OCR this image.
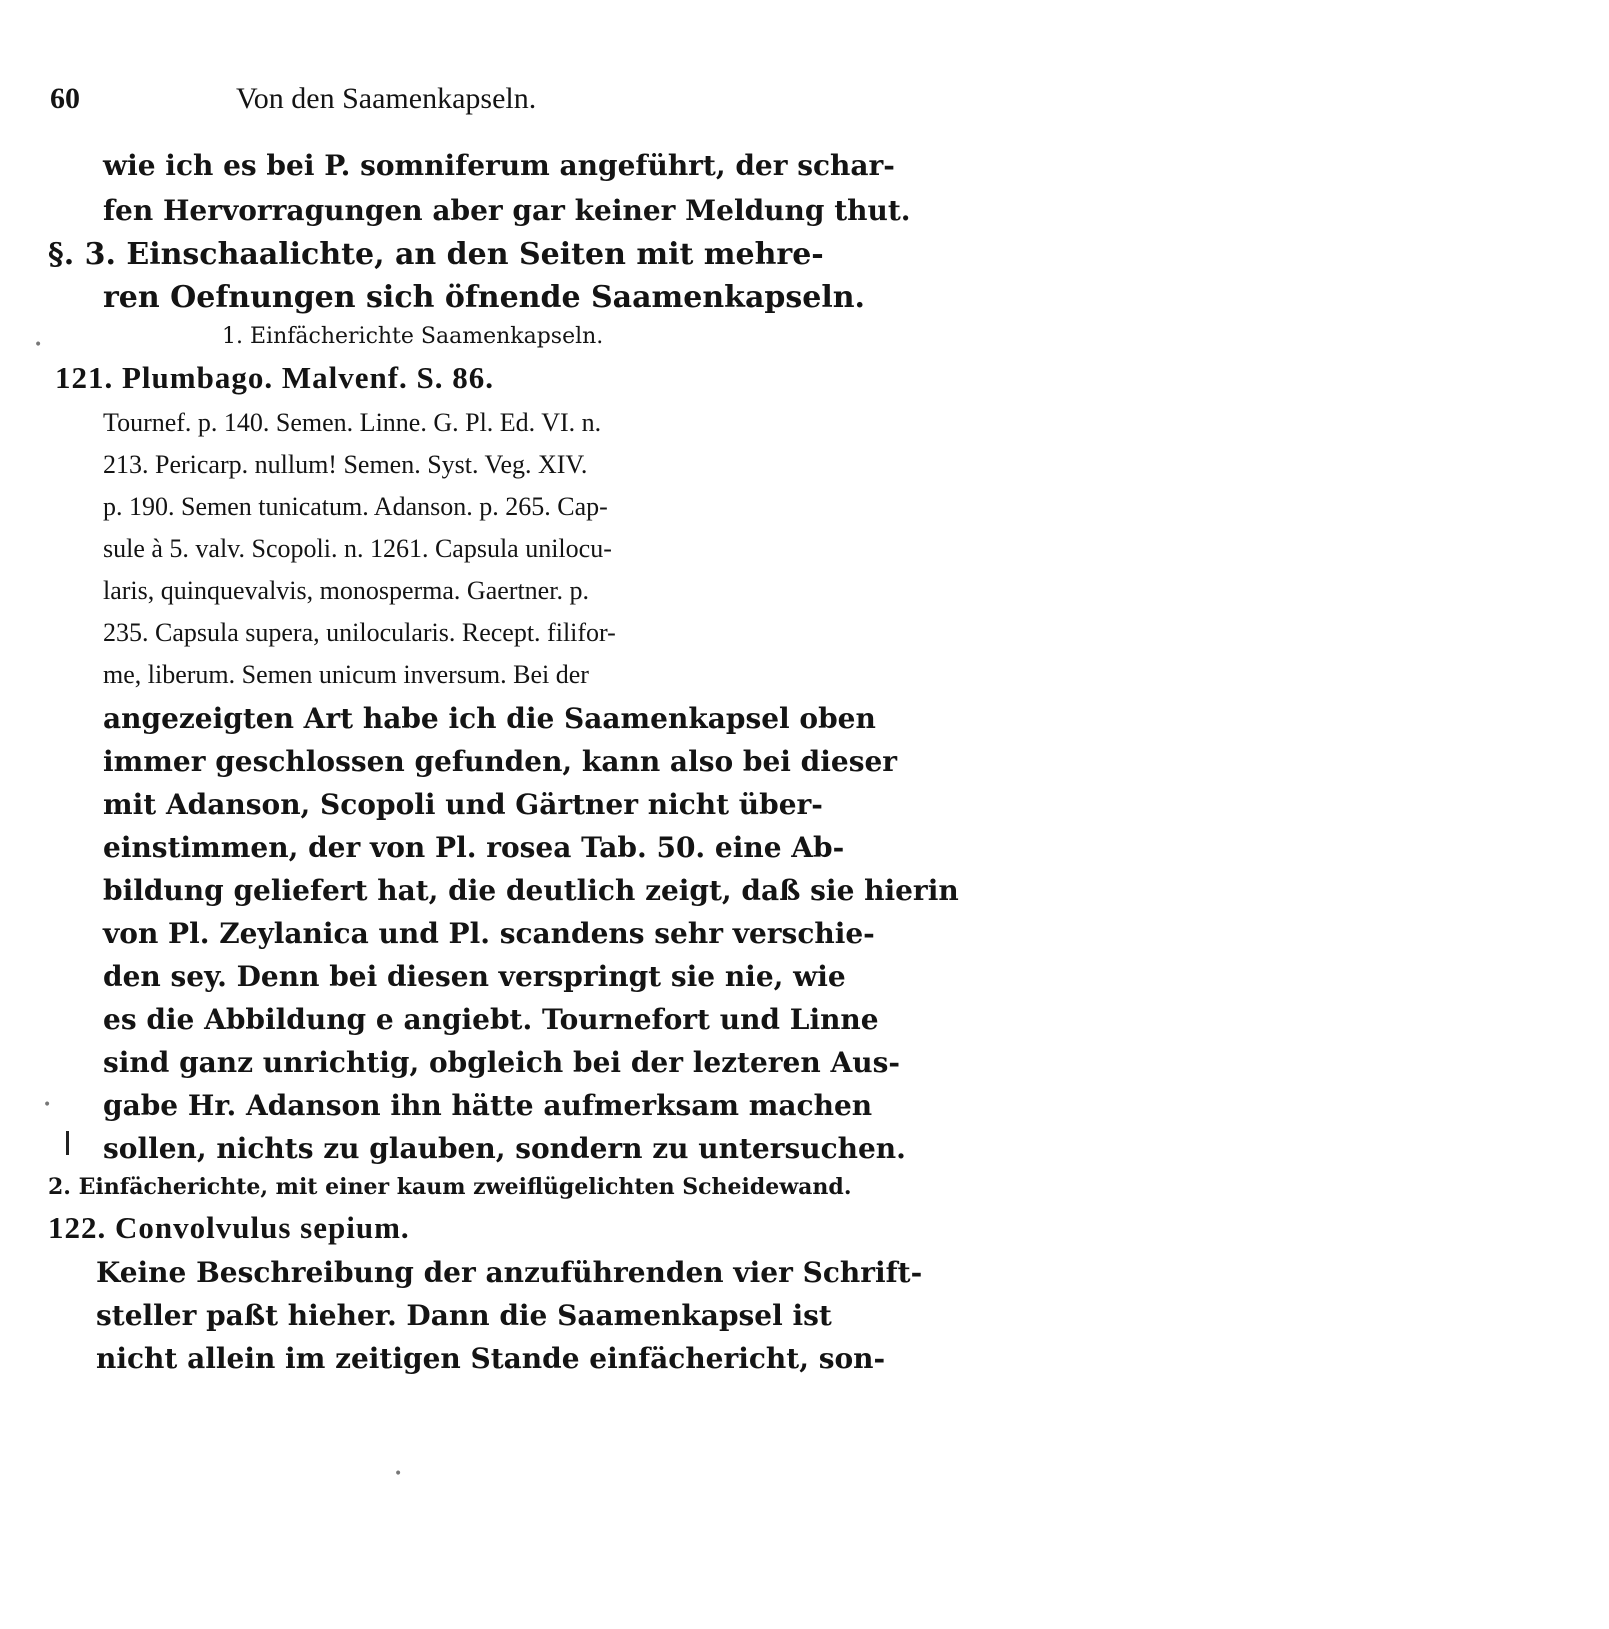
60	Von den Saamenkapseln.
wie ich es bei P. somniferum angeführt, der schar-
fen Hervorragungen aber gar keiner Meldung thut.
§. 3. Einschaalichte, an den Seiten mit mehre-
ren Oefnungen sich öfnende Saamenkapseln.
1. Einfächerichte Saamenkapseln.
121. Plumbago. Malvenf. S. 86.
Tournef. p. 140. Semen. Linne. G. Pl. Ed. VI. n.
213. Pericarp. nullum! Semen. Syst. Veg. XIV.
p. 190. Semen tunicatum. Adanson. p. 265. Cap-
sule à 5. valv. Scopoli. n. 1261. Capsula unilocu-
laris, quinquevalvis, monosperma. Gaertner. p.
235. Capsula supera, unilocularis. Recept. filifor-
me, liberum. Semen unicum inversum. Bei der
angezeigten Art habe ich die Saamenkapsel oben
immer geschlossen gefunden, kann also bei dieser
mit Adanson, Scopoli und Gärtner nicht über-
einstimmen, der von Pl. rosea Tab. 50. eine Ab-
bildung geliefert hat, die deutlich zeigt, daß sie hierin
von Pl. Zeylanica und Pl. scandens sehr verschie-
den sey. Denn bei diesen verspringt sie nie, wie
es die Abbildung e angiebt. Tournefort und Linne
sind ganz unrichtig, obgleich bei der lezteren Aus-
gabe Hr. Adanson ihn hätte aufmerksam machen
sollen, nichts zu glauben, sondern zu untersuchen.
2. Einfächerichte, mit einer kaum zweiflügelichten Scheidewand.
122. Convolvulus sepium.
Keine Beschreibung der anzuführenden vier Schrift-
steller paßt hieher. Dann die Saamenkapsel ist
nicht allein im zeitigen Stande einfächericht, son-
•
•
•
